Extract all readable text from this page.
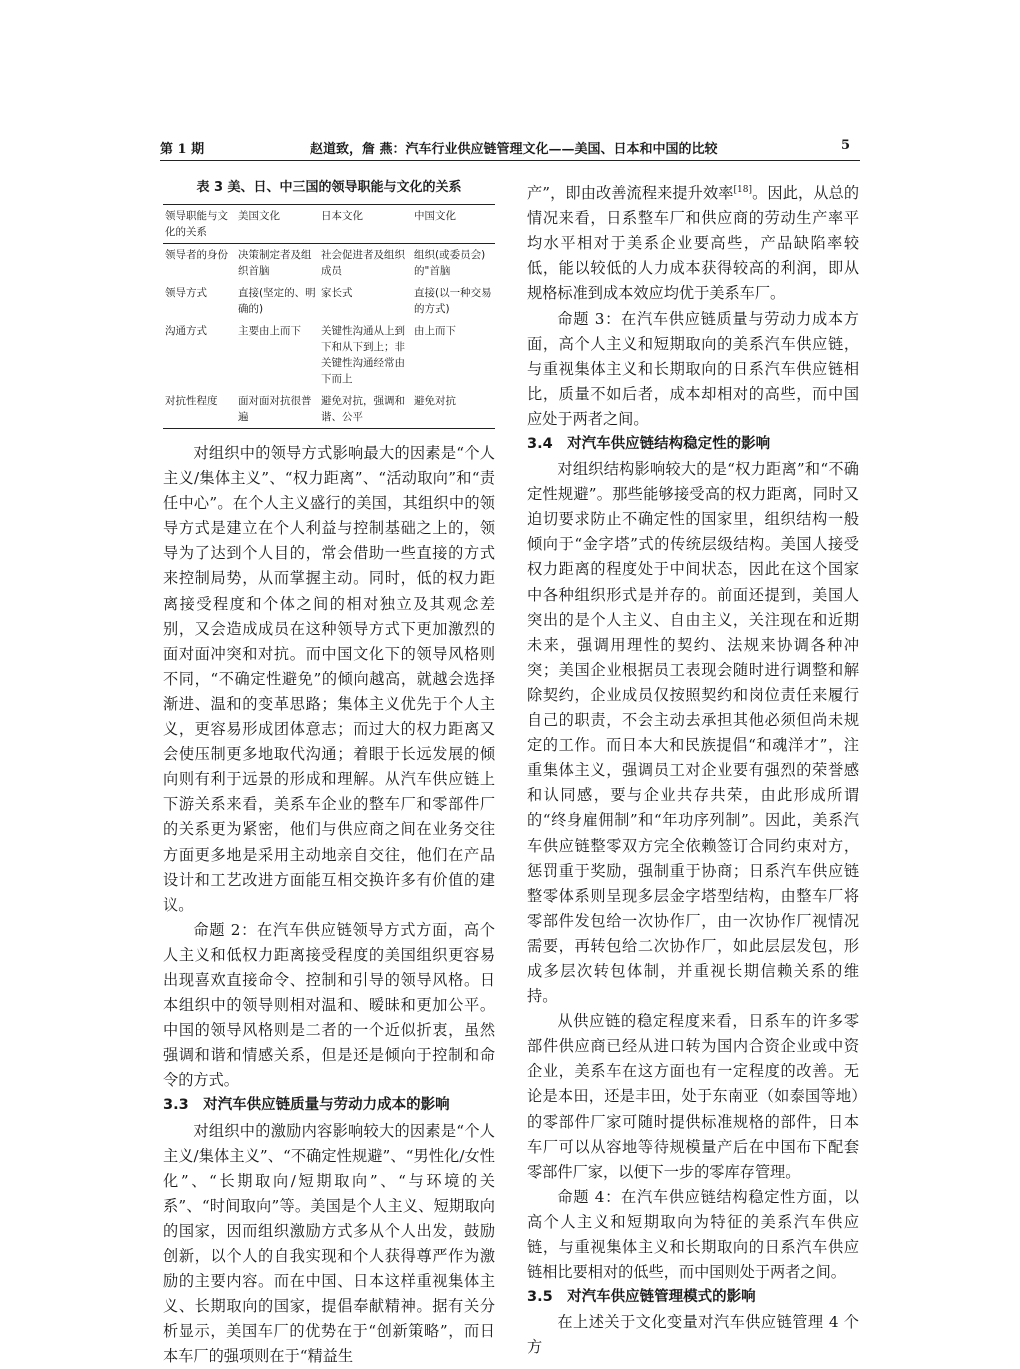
第 1 期	赵道致，詹 燕：汽车行业供应链管理文化——美国、日本和中国的比较	5
表 3 美、日、中三国的领导职能与文化的关系
领导职能与文化的关系	美国文化	日本文化	中国文化
领导者的身份	决策制定者及组织首脑	社会促进者及组织成员	组织(或委员会)的"首脑
领导方式	直接(坚定的、明确的)	家长式	直接(以一种交易的方式)
沟通方式	主要由上而下	关键性沟通从上到下和从下到上；非关键性沟通经常由下而上	由上而下
对抗性程度	面对面对抗很普遍	避免对抗，强调和谐、公平	避免对抗

对组织中的领导方式影响最大的因素是“个人主义/集体主义”、“权力距离”、“活动取向”和“责任中心”。在个人主义盛行的美国，其组织中的领导方式是建立在个人利益与控制基础之上的，领导为了达到个人目的，常会借助一些直接的方式来控制局势，从而掌握主动。同时，低的权力距离接受程度和个体之间的相对独立及其观念差别，又会造成成员在这种领导方式下更加激烈的面对面冲突和对抗。而中国文化下的领导风格则不同，“不确定性避免”的倾向越高，就越会选择渐进、温和的变革思路；集体主义优先于个人主义，更容易形成团体意志；而过大的权力距离又会使压制更多地取代沟通；着眼于长远发展的倾向则有利于远景的形成和理解。从汽车供应链上下游关系来看，美系车企业的整车厂和零部件厂的关系更为紧密，他们与供应商之间在业务交往方面更多地是采用主动地亲自交往，他们在产品设计和工艺改进方面能互相交换许多有价值的建议。

命题 2：在汽车供应链领导方式方面，高个人主义和低权力距离接受程度的美国组织更容易出现喜欢直接命令、控制和引导的领导风格。日本组织中的领导则相对温和、暧昧和更加公平。中国的领导风格则是二者的一个近似折衷，虽然强调和谐和情感关系，但是还是倾向于控制和命令的方式。

3.3　对汽车供应链质量与劳动力成本的影响

对组织中的激励内容影响较大的因素是“个人主义/集体主义”、“不确定性规避”、“男性化/女性化”、“长期取向/短期取向”、“与环境的关系”、“时间取向”等。美国是个人主义、短期取向的国家，因而组织激励方式多从个人出发，鼓励创新，以个人的自我实现和个人获得尊严作为激励的主要内容。而在中国、日本这样重视集体主义、长期取向的国家，提倡奉献精神。据有关分析显示，美国车厂的优势在于“创新策略”，而日本车厂的强项则在于“精益生

产”，即由改善流程来提升效率[18]。因此，从总的情况来看，日系整车厂和供应商的劳动生产率平均水平相对于美系企业要高些，产品缺陷率较低，能以较低的人力成本获得较高的利润，即从规格标准到成本效应均优于美系车厂。

命题 3：在汽车供应链质量与劳动力成本方面，高个人主义和短期取向的美系汽车供应链，与重视集体主义和长期取向的日系汽车供应链相比，质量不如后者，成本却相对的高些，而中国应处于两者之间。

3.4　对汽车供应链结构稳定性的影响

对组织结构影响较大的是“权力距离”和“不确定性规避”。那些能够接受高的权力距离，同时又迫切要求防止不确定性的国家里，组织结构一般倾向于“金字塔”式的传统层级结构。美国人接受权力距离的程度处于中间状态，因此在这个国家中各种组织形式是并存的。前面还提到，美国人突出的是个人主义、自由主义，关注现在和近期未来，强调用理性的契约、法规来协调各种冲突；美国企业根据员工表现会随时进行调整和解除契约，企业成员仅按照契约和岗位责任来履行自己的职责，不会主动去承担其他必须但尚未规定的工作。而日本大和民族提倡“和魂洋才”，注重集体主义，强调员工对企业要有强烈的荣誉感和认同感，要与企业共存共荣，由此形成所谓的“终身雇佣制”和“年功序列制”。因此，美系汽车供应链整零双方完全依赖签订合同约束对方，惩罚重于奖励，强制重于协商；日系汽车供应链整零体系则呈现多层金字塔型结构，由整车厂将零部件发包给一次协作厂，由一次协作厂视情况需要，再转包给二次协作厂，如此层层发包，形成多层次转包体制，并重视长期信赖关系的维持。

从供应链的稳定程度来看，日系车的许多零部件供应商已经从进口转为国内合资企业或中资企业，美系车在这方面也有一定程度的改善。无论是本田，还是丰田，处于东南亚（如泰国等地）的零部件厂家可随时提供标准规格的部件，日本车厂可以从容地等待规模量产后在中国布下配套零部件厂家，以便下一步的零库存管理。

命题 4：在汽车供应链结构稳定性方面，以高个人主义和短期取向为特征的美系汽车供应链，与重视集体主义和长期取向的日系汽车供应链相比要相对的低些，而中国则处于两者之间。

3.5　对汽车供应链管理模式的影响

在上述关于文化变量对汽车供应链管理 4 个方
